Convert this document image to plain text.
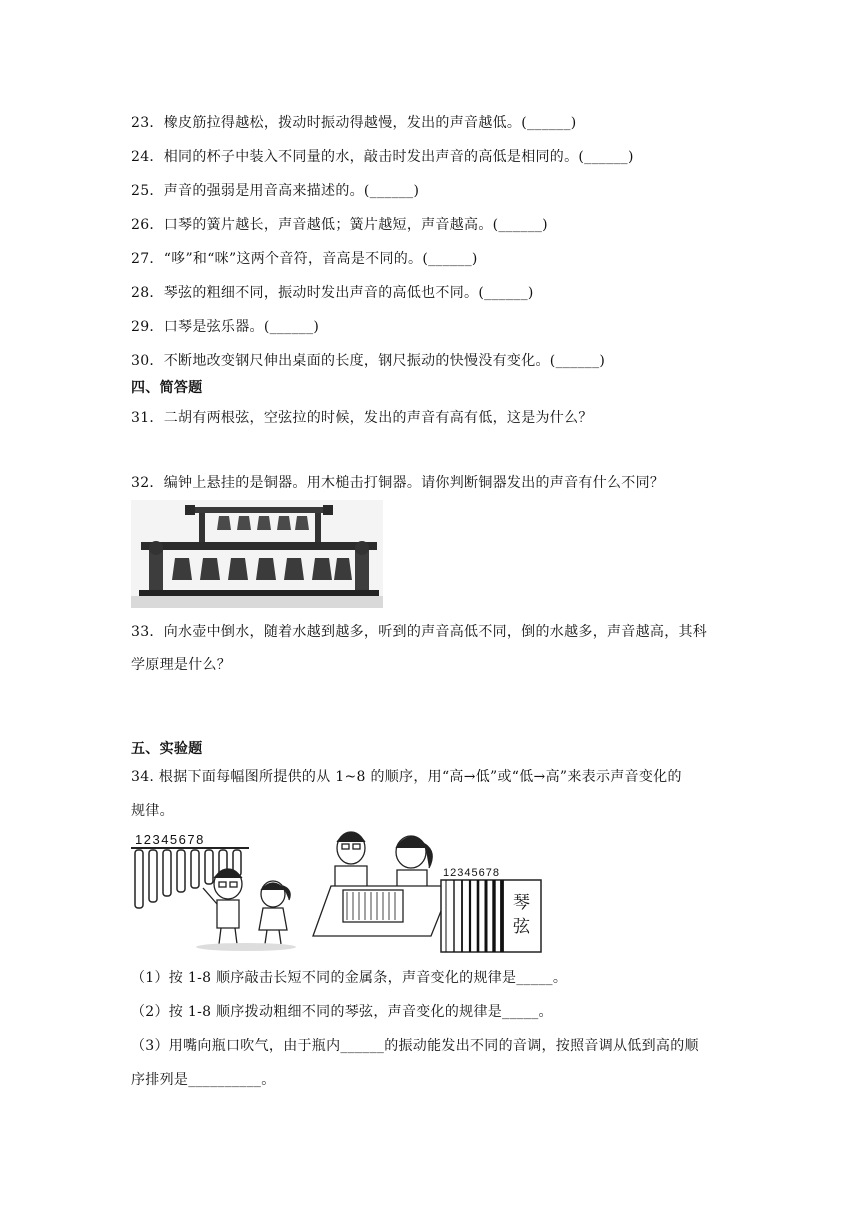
23．橡皮筋拉得越松，拨动时振动得越慢，发出的声音越低。(______)
24．相同的杯子中装入不同量的水，敲击时发出声音的高低是相同的。(______)
25．声音的强弱是用音高来描述的。(______)
26．口琴的簧片越长，声音越低；簧片越短，声音越高。(______)
27．“哆”和“咪”这两个音符，音高是不同的。(______)
28．琴弦的粗细不同，振动时发出声音的高低也不同。(______)
29．口琴是弦乐器。(______)
30．不断地改变钢尺伸出桌面的长度，钢尺振动的快慢没有变化。(______)
四、简答题
31．二胡有两根弦，空弦拉的时候，发出的声音有高有低，这是为什么？
32．编钟上悬挂的是铜器。用木槌击打铜器。请你判断铜器发出的声音有什么不同？
33．向水壶中倒水，随着水越到越多，听到的声音高低不同，倒的水越多，声音越高，其科
学原理是什么？
五、实验题
34. 根据下面每幅图所提供的从 1~8 的顺序，用“高→低”或“低→高”来表示声音变化的
规律。
12345678
12345678
琴
弦
（1）按 1-8 顺序敲击长短不同的金属条，声音变化的规律是_____。
（2）按 1-8 顺序拨动粗细不同的琴弦，声音变化的规律是_____。
（3）用嘴向瓶口吹气，由于瓶内______的振动能发出不同的音调，按照音调从低到高的顺
序排列是__________。
